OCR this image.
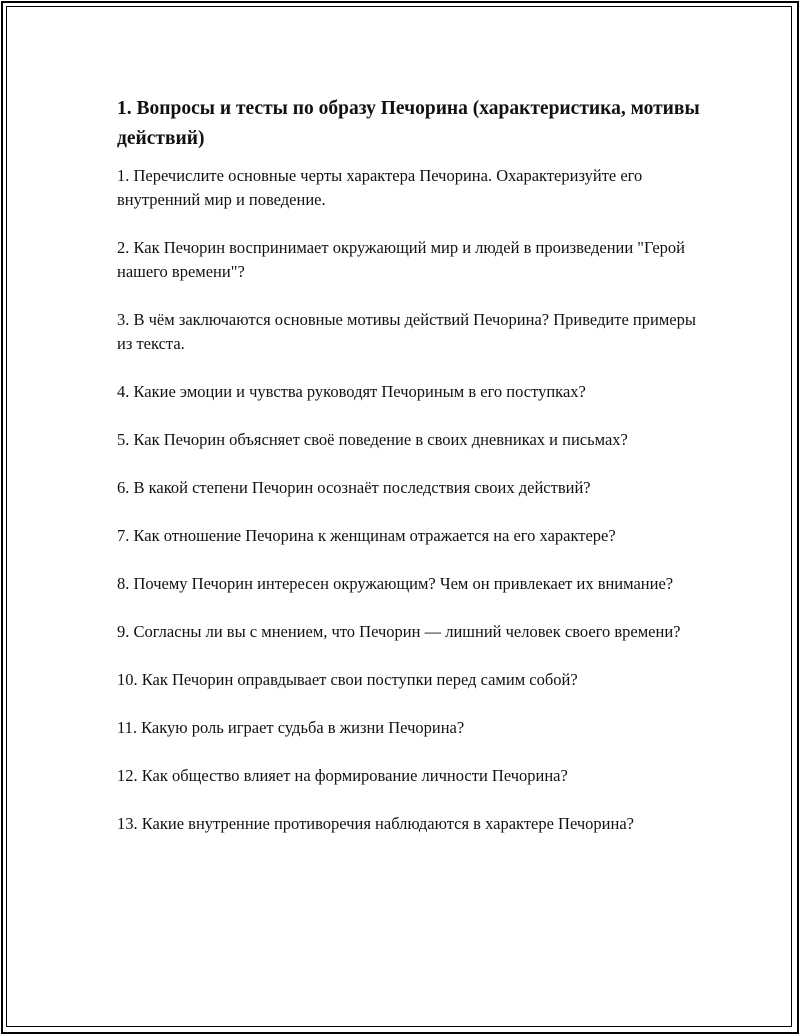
1. Вопросы и тесты по образу Печорина (характеристика, мотивы действий)
1. Перечислите основные черты характера Печорина. Охарактеризуйте его внутренний мир и поведение.
2. Как Печорин воспринимает окружающий мир и людей в произведении "Герой нашего времени"?
3. В чём заключаются основные мотивы действий Печорина? Приведите примеры из текста.
4. Какие эмоции и чувства руководят Печориным в его поступках?
5. Как Печорин объясняет своё поведение в своих дневниках и письмах?
6. В какой степени Печорин осознаёт последствия своих действий?
7. Как отношение Печорина к женщинам отражается на его характере?
8. Почему Печорин интересен окружающим? Чем он привлекает их внимание?
9. Согласны ли вы с мнением, что Печорин — лишний человек своего времени?
10. Как Печорин оправдывает свои поступки перед самим собой?
11. Какую роль играет судьба в жизни Печорина?
12. Как общество влияет на формирование личности Печорина?
13. Какие внутренние противоречия наблюдаются в характере Печорина?
